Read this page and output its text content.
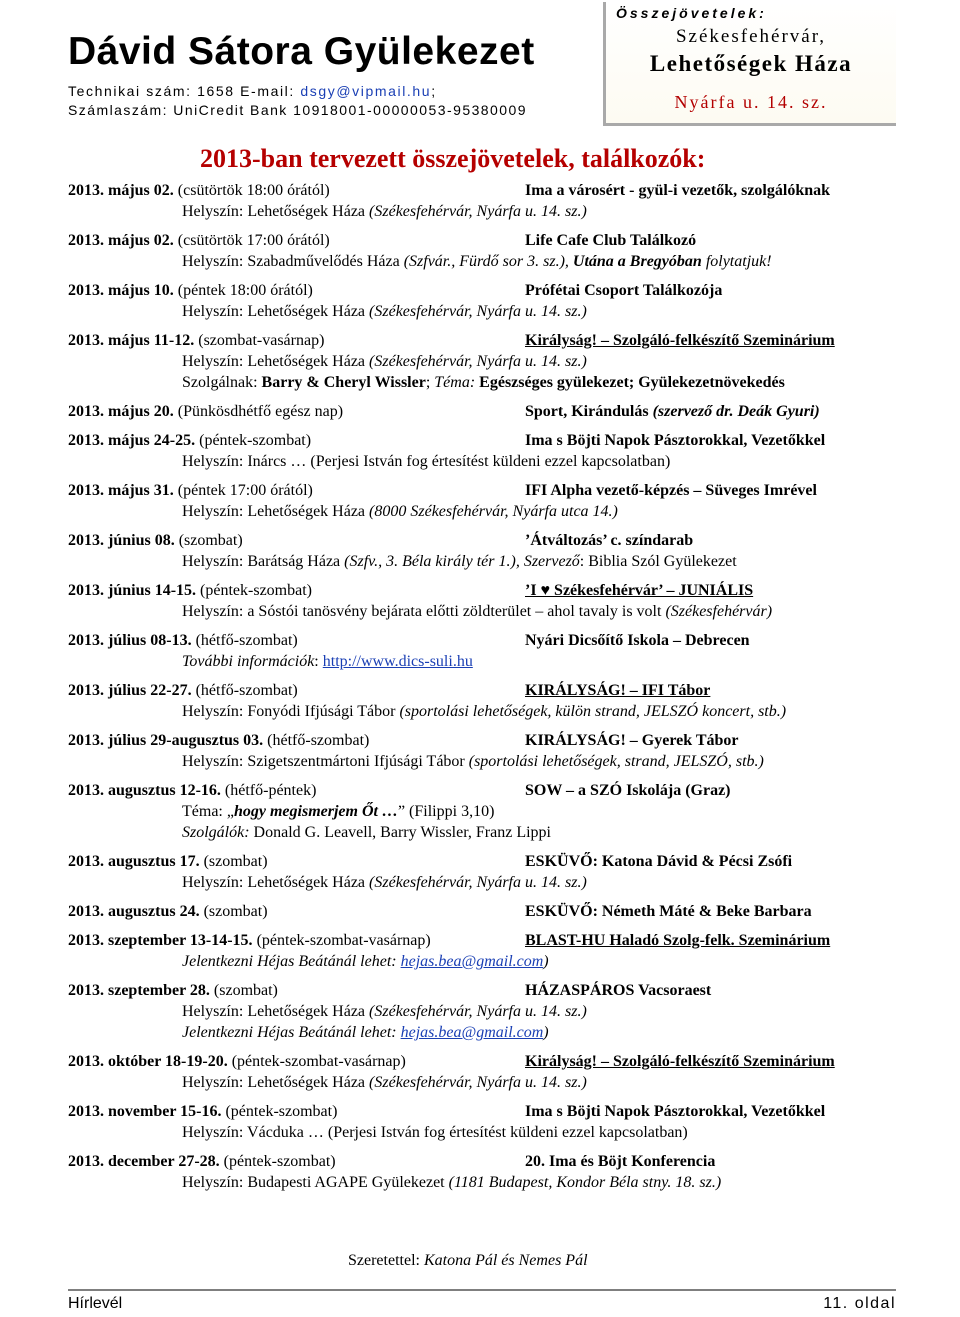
Dávid Sátora Gyülekezet
Technikai szám: 1658 E-mail: dsgy@vipmail.hu;
Számlaszám: UniCredit Bank 10918001-00000053-95380009
Összejövetelek:
Székesfehérvár,
Lehetőségek Háza
Nyárfa u. 14. sz.
2013-ban tervezett összejövetelek, találkozók:
2013. május 02. (csütörtök 18:00 órától)	Ima a városért - gyül-i vezetők, szolgálóknak
Helyszín: Lehetőségek Háza (Székesfehérvár, Nyárfa u. 14. sz.)
2013. május 02. (csütörtök 17:00 órától)	Life Cafe Club Találkozó
Helyszín: Szabadművelődés Háza (Szfvár., Fürdő sor 3. sz.), Utána a Bregyóban folytatjuk!
2013. május 10. (péntek 18:00 órától)	Prófétai Csoport Találkozója
Helyszín: Lehetőségek Háza (Székesfehérvár, Nyárfa u. 14. sz.)
2013. május 11-12. (szombat-vasárnap)	Királyság! – Szolgáló-felkészítő Szeminárium
Helyszín: Lehetőségek Háza (Székesfehérvár, Nyárfa u. 14. sz.)
Szolgálnak: Barry & Cheryl Wissler; Téma: Egészséges gyülekezet; Gyülekezetnövekedés
2013. május 20. (Pünkösdhétfő egész nap)	Sport, Kirándulás (szervező dr. Deák Gyuri)
2013. május 24-25. (péntek-szombat)	Ima s Böjti Napok Pásztorokkal, Vezetőkkel
Helyszín: Inárcs … (Perjesi István fog értesítést küldeni ezzel kapcsolatban)
2013. május 31. (péntek 17:00 órától)	IFI Alpha vezető-képzés – Süveges Imrével
Helyszín: Lehetőségek Háza (8000 Székesfehérvár, Nyárfa utca 14.)
2013. június 08. (szombat)	’Átváltozás’ c. színdarab
Helyszín: Barátság Háza (Szfv., 3. Béla király tér 1.), Szervező: Biblia Szól Gyülekezet
2013. június 14-15. (péntek-szombat)	’I ♥ Székesfehérvár’ – JUNIÁLIS
Helyszín: a Sóstói tanösvény bejárata előtti zöldterület – ahol tavaly is volt (Székesfehérvár)
2013. július 08-13. (hétfő-szombat)	Nyári Dicsőítő Iskola – Debrecen
További információk: http://www.dics-suli.hu
2013. július 22-27. (hétfő-szombat)	KIRÁLYSÁG! – IFI Tábor
Helyszín: Fonyódi Ifjúsági Tábor (sportolási lehetőségek, külön strand, JELSZÓ koncert, stb.)
2013. július 29-augusztus 03. (hétfő-szombat)	KIRÁLYSÁG! – Gyerek Tábor
Helyszín: Szigetszentmártoni Ifjúsági Tábor (sportolási lehetőségek, strand, JELSZÓ, stb.)
2013. augusztus 12-16. (hétfő-péntek)	SOW – a SZÓ Iskolája (Graz)
Téma: „hogy megismerjem Őt …” (Filippi 3,10)
Szolgálók: Donald G. Leavell, Barry Wissler, Franz Lippi
2013. augusztus 17. (szombat)	ESKÜVŐ: Katona Dávid & Pécsi Zsófi
Helyszín: Lehetőségek Háza (Székesfehérvár, Nyárfa u. 14. sz.)
2013. augusztus 24. (szombat)	ESKÜVŐ: Németh Máté & Beke Barbara
2013. szeptember 13-14-15. (péntek-szombat-vasárnap)	BLAST-HU Haladó Szolg-felk. Szeminárium
Jelentkezni Héjas Beátánál lehet: hejas.bea@gmail.com)
2013. szeptember 28. (szombat)	HÁZASPÁROS Vacsoraest
Helyszín: Lehetőségek Háza (Székesfehérvár, Nyárfa u. 14. sz.)
Jelentkezni Héjas Beátánál lehet: hejas.bea@gmail.com)
2013. október 18-19-20. (péntek-szombat-vasárnap)	Királyság! – Szolgáló-felkészítő Szeminárium
Helyszín: Lehetőségek Háza (Székesfehérvár, Nyárfa u. 14. sz.)
2013. november 15-16. (péntek-szombat)	Ima s Böjti Napok Pásztorokkal, Vezetőkkel
Helyszín: Vácduka … (Perjesi István fog értesítést küldeni ezzel kapcsolatban)
2013. december 27-28. (péntek-szombat)	20. Ima és Böjt Konferencia
Helyszín: Budapesti AGAPE Gyülekezet (1181 Budapest, Kondor Béla stny. 18. sz.)
Szeretettel: Katona Pál és Nemes Pál
Hírlevél	11. oldal
